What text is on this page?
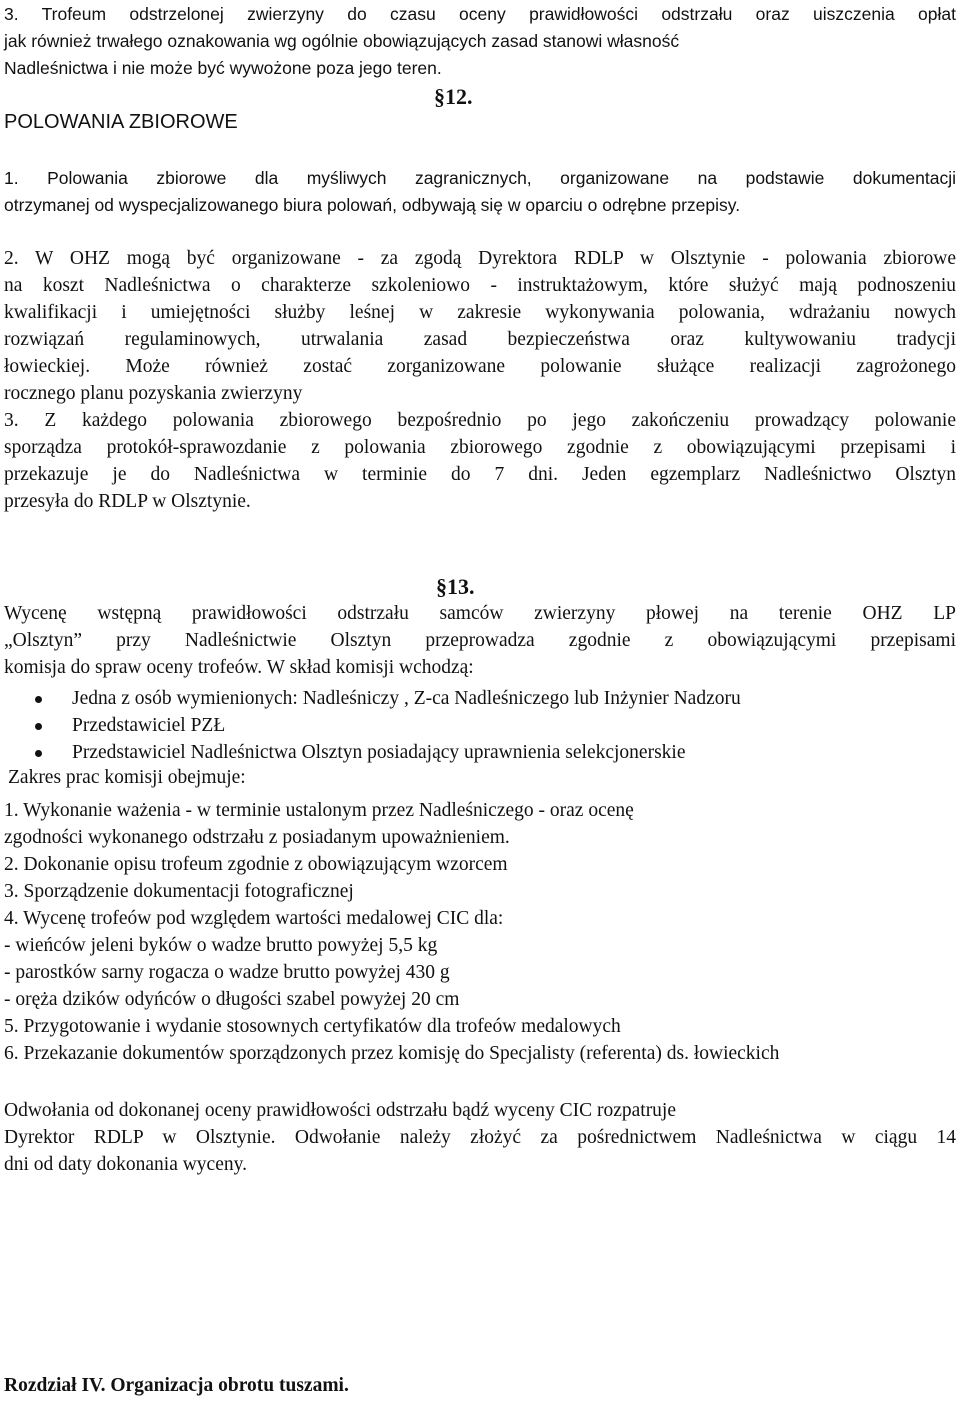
3. Trofeum odstrzelonej zwierzyny do czasu oceny prawidłowości odstrzału oraz uiszczenia opłat
jak również trwałego oznakowania wg ogólnie obowiązujących zasad stanowi własność
Nadleśnictwa i nie może być wywożone poza jego teren.
§12.
POLOWANIA ZBIOROWE
1. Polowania zbiorowe dla myśliwych zagranicznych, organizowane na podstawie dokumentacji
otrzymanej od wyspecjalizowanego biura polowań, odbywają się w oparciu o odrębne przepisy.
2. W OHZ mogą być organizowane - za zgodą Dyrektora RDLP w Olsztynie - polowania zbiorowe
na koszt Nadleśnictwa o charakterze szkoleniowo - instruktażowym, które służyć mają podnoszeniu
kwalifikacji i umiejętności służby leśnej w zakresie wykonywania polowania, wdrażaniu nowych
rozwiązań regulaminowych, utrwalania zasad bezpieczeństwa oraz kultywowaniu tradycji
łowieckiej. Może również zostać zorganizowane polowanie służące realizacji zagrożonego
rocznego planu pozyskania zwierzyny
3. Z każdego polowania zbiorowego bezpośrednio po jego zakończeniu prowadzący polowanie
sporządza protokół-sprawozdanie z polowania zbiorowego zgodnie z obowiązującymi przepisami i
przekazuje je do Nadleśnictwa w terminie do 7 dni. Jeden egzemplarz Nadleśnictwo Olsztyn
przesyła do RDLP w Olsztynie.
§13.
Wycenę wstępną prawidłowości odstrzału samców zwierzyny płowej na terenie OHZ LP
„Olsztyn” przy Nadleśnictwie Olsztyn przeprowadza zgodnie z obowiązującymi przepisami
komisja do spraw oceny trofeów. W skład komisji wchodzą:
Jedna z osób wymienionych: Nadleśniczy , Z-ca Nadleśniczego lub Inżynier Nadzoru
Przedstawiciel PZŁ
Przedstawiciel Nadleśnictwa Olsztyn posiadający uprawnienia selekcjonerskie
Zakres prac komisji obejmuje:
1. Wykonanie ważenia - w terminie ustalonym przez Nadleśniczego - oraz ocenę
zgodności wykonanego odstrzału z posiadanym upoważnieniem.
2. Dokonanie opisu trofeum zgodnie z obowiązującym wzorcem
3. Sporządzenie dokumentacji fotograficznej
4. Wycenę trofeów pod względem wartości medalowej CIC dla:
- wieńców jeleni byków o wadze brutto powyżej 5,5 kg
- parostków sarny rogacza o wadze brutto powyżej 430 g
- oręża dzików odyńców o długości szabel powyżej 20 cm
5. Przygotowanie i wydanie stosownych certyfikatów dla trofeów medalowych
6. Przekazanie dokumentów sporządzonych przez komisję do Specjalisty (referenta) ds. łowieckich
Odwołania od dokonanej oceny prawidłowości odstrzału bądź wyceny CIC rozpatruje
Dyrektor RDLP w Olsztynie. Odwołanie należy złożyć za pośrednictwem Nadleśnictwa w ciągu 14
dni od daty dokonania wyceny.
Rozdział IV. Organizacja obrotu tuszami.
